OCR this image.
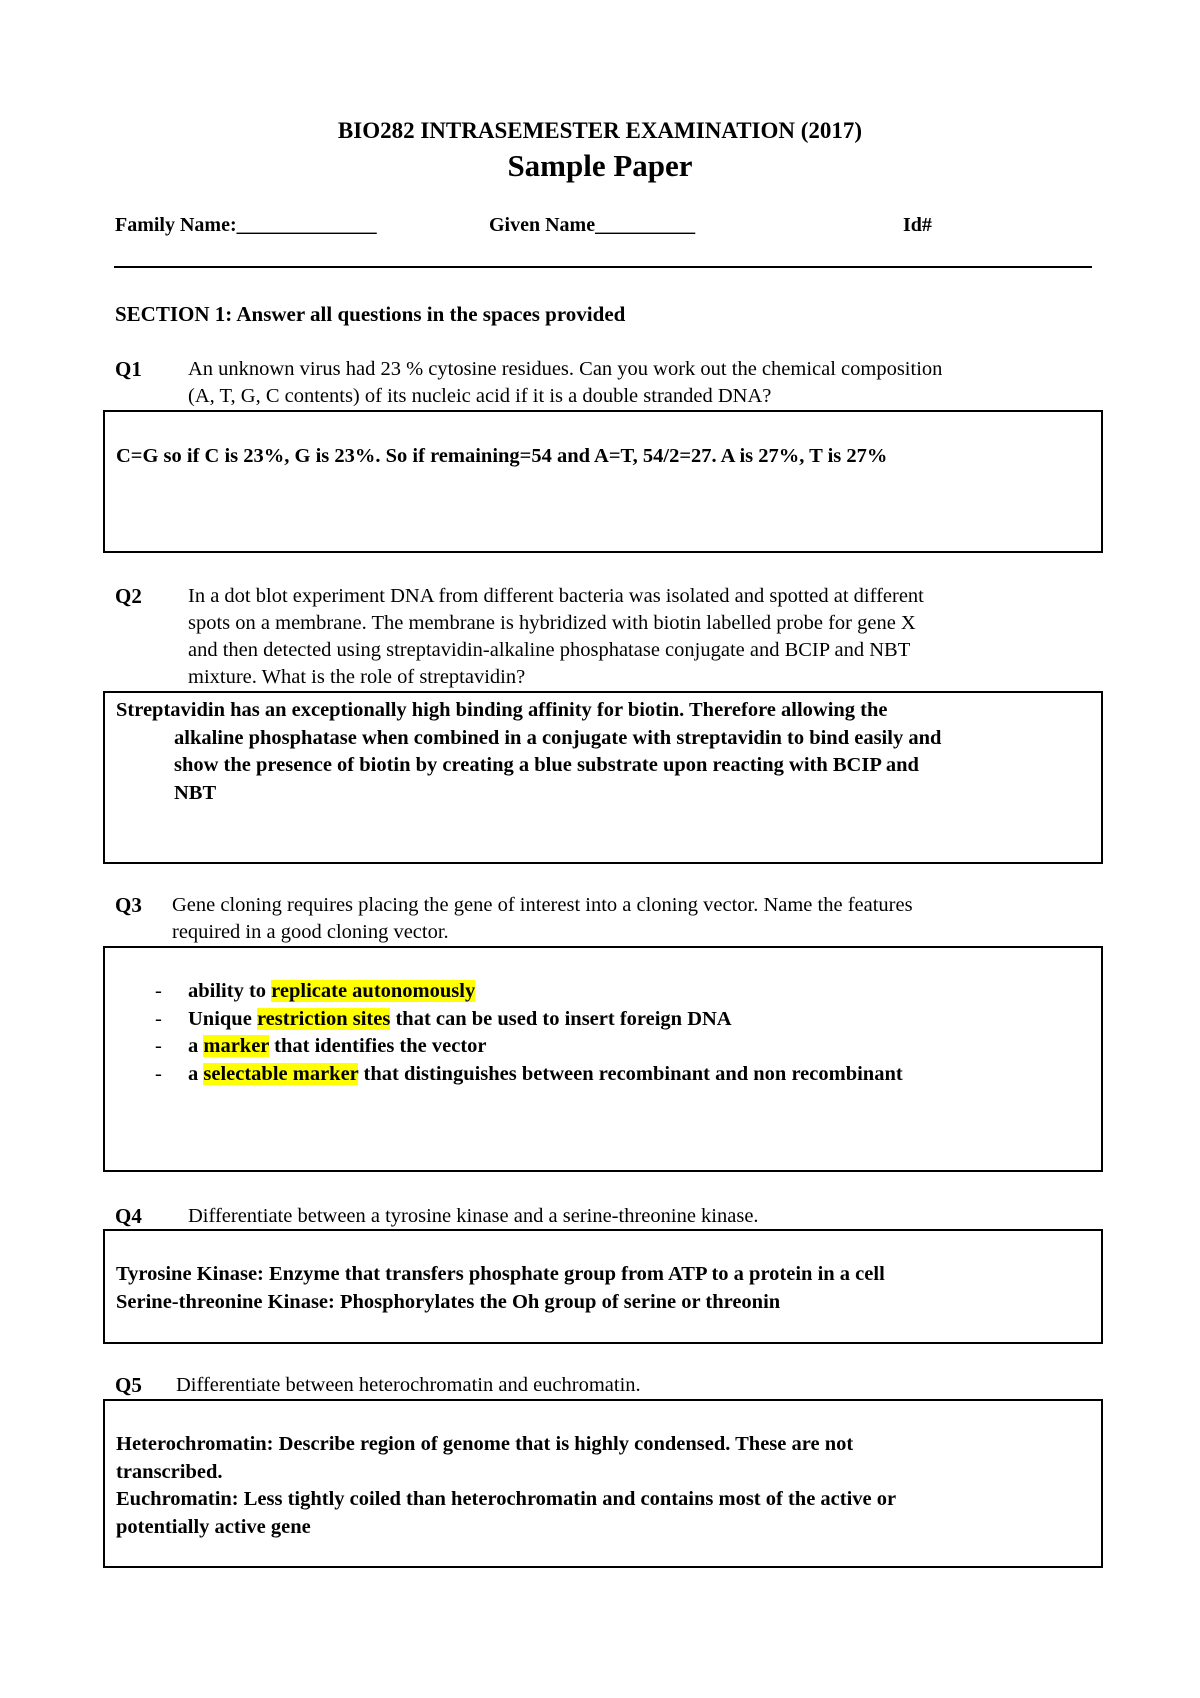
BIO282 INTRASEMESTER EXAMINATION (2017)
Sample Paper
Family Name:______________	Given Name__________	Id#
SECTION 1: Answer all questions in the spaces provided
Q1 An unknown virus had 23 % cytosine residues. Can you work out the chemical composition
(A, T, G, C contents) of its nucleic acid if it is a double stranded DNA?
C=G so if C is 23%, G is 23%. So if remaining=54 and A=T, 54/2=27. A is 27%, T is 27%
Q2 In a dot blot experiment DNA from different bacteria was isolated and spotted at different
spots on a membrane. The membrane is hybridized with biotin labelled probe for gene X
and then detected using streptavidin-alkaline phosphatase conjugate and BCIP and NBT
mixture. What is the role of streptavidin?
Streptavidin has an exceptionally high binding affinity for biotin. Therefore allowing the
alkaline phosphatase when combined in a conjugate with streptavidin to bind easily and
show the presence of biotin by creating a blue substrate upon reacting with BCIP and
NBT
Q3 Gene cloning requires placing the gene of interest into a cloning vector. Name the features
required in a good cloning vector.
- ability to replicate autonomously
- Unique restriction sites that can be used to insert foreign DNA
- a marker that identifies the vector
- a selectable marker that distinguishes between recombinant and non recombinant
Q4 Differentiate between a tyrosine kinase and a serine-threonine kinase.
Tyrosine Kinase: Enzyme that transfers phosphate group from ATP to a protein in a cell
Serine-threonine Kinase: Phosphorylates the Oh group of serine or threonin
Q5 Differentiate between heterochromatin and euchromatin.
Heterochromatin: Describe region of genome that is highly condensed. These are not
transcribed.
Euchromatin: Less tightly coiled than heterochromatin and contains most of the active or
potentially active gene
